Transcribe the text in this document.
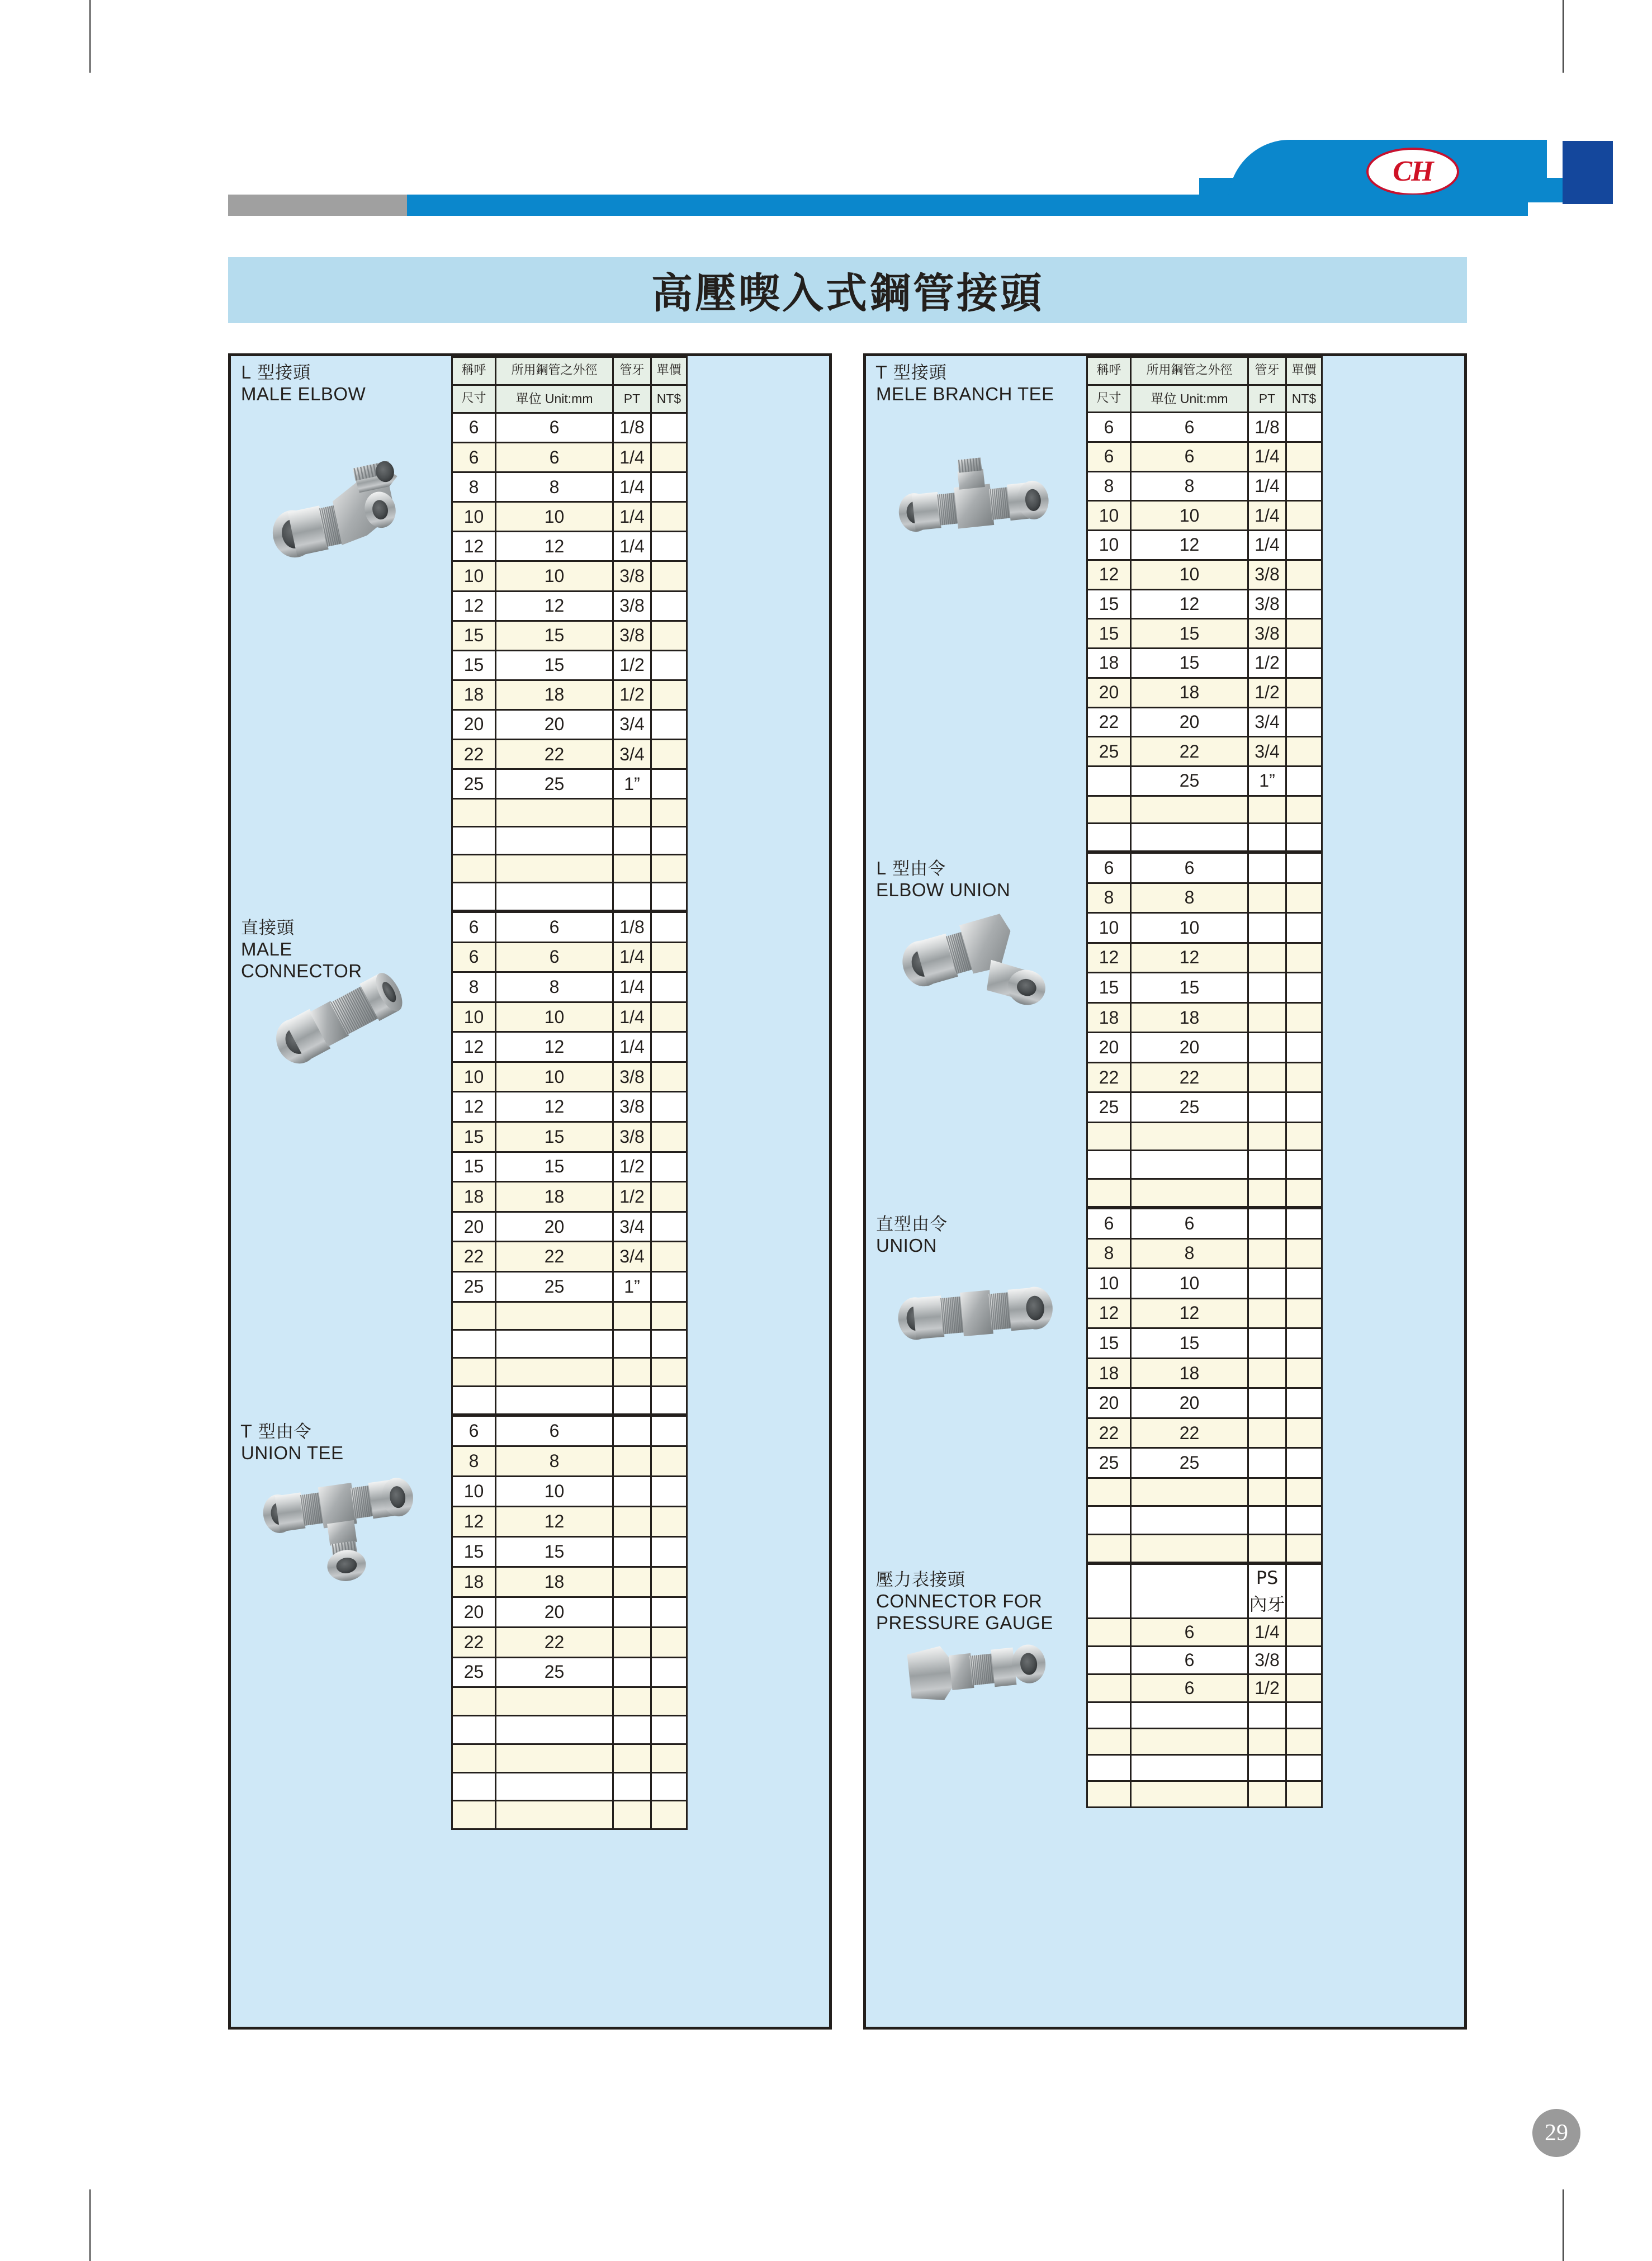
CH
高壓喫入式鋼管接頭
L 型接頭
MALE ELBOW
稱呼	所用鋼管之外徑	管牙	單價
尺寸	單位 Unit:mm	PT	NT$
6	6	1/8	
6	6	1/4	
8	8	1/4	
10	10	1/4	
12	12	1/4	
10	10	3/8	
12	12	3/8	
15	15	3/8	
15	15	1/2	
18	18	1/2	
20	20	3/4	
22	22	3/4	
25	25	1”	

直接頭
MALE
CONNECTOR
6	6	1/8	
6	6	1/4	
8	8	1/4	
10	10	1/4	
12	12	1/4	
10	10	3/8	
12	12	3/8	
15	15	3/8	
15	15	1/2	
18	18	1/2	
20	20	3/4	
22	22	3/4	
25	25	1”	

T 型由令
UNION TEE
6	6		
8	8		
10	10		
12	12		
15	15		
18	18		
20	20		
22	22		
25	25		

T 型接頭
MELE BRANCH TEE
稱呼	所用鋼管之外徑	管牙	單價
尺寸	單位 Unit:mm	PT	NT$
6	6	1/8	
6	6	1/4	
8	8	1/4	
10	10	1/4	
10	12	1/4	
12	10	3/8	
15	12	3/8	
15	15	3/8	
18	15	1/2	
20	18	1/2	
22	20	3/4	
25	22	3/4	
	25	1”	

L 型由令
ELBOW UNION
6	6		
8	8		
10	10		
12	12		
15	15		
18	18		
20	20		
22	22		
25	25		

直型由令
UNION
6	6		
8	8		
10	10		
12	12		
15	15		
18	18		
20	20		
22	22		
25	25		

壓力表接頭
CONNECTOR FOR
PRESSURE GAUGE
		PS 內牙	
	6	1/4	
	6	3/8	
	6	1/2	

29
